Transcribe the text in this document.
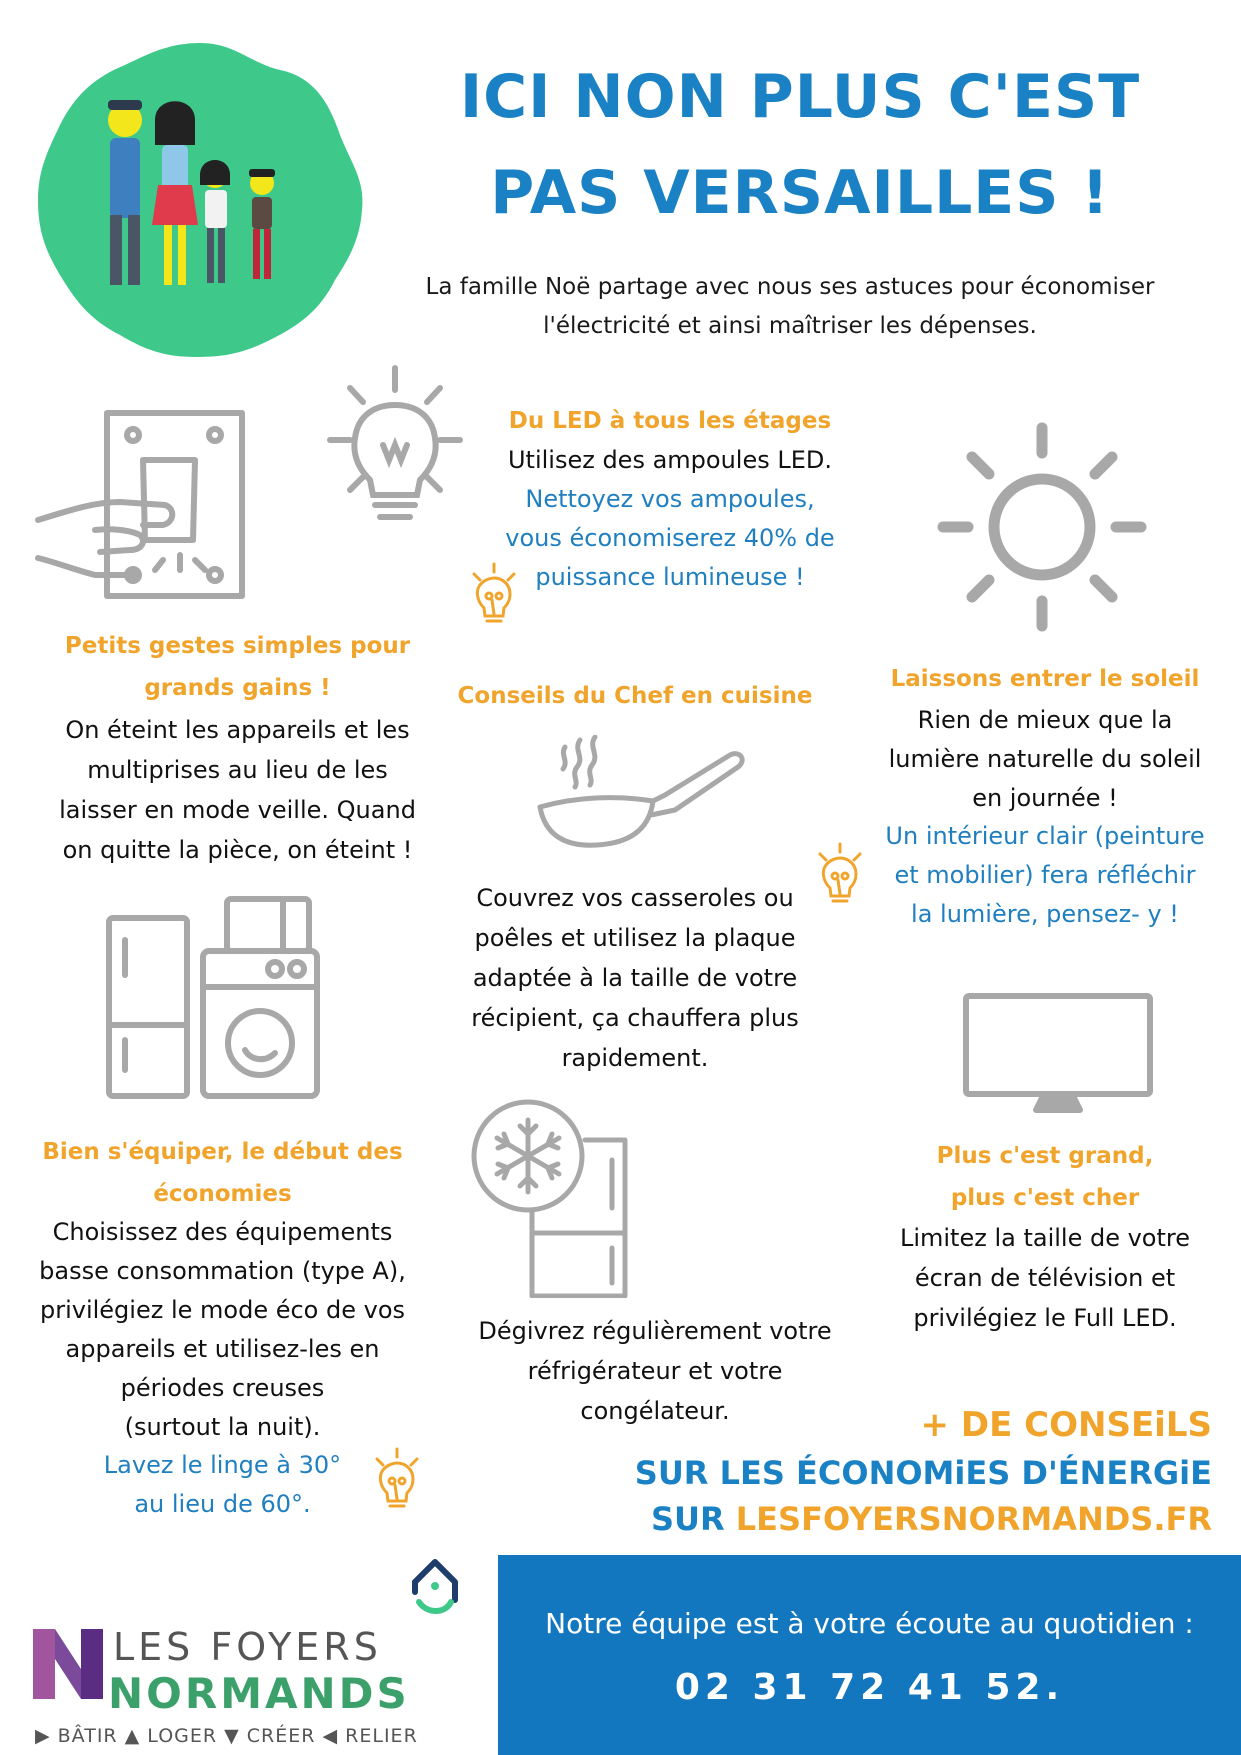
ICI NON PLUS C'EST
PAS VERSAILLES !
La famille Noë partage avec nous ses astuces pour économiser
l'électricité et ainsi maîtriser les dépenses.
Du LED à tous les étages
Utilisez des ampoules LED.
Nettoyez vos ampoules,
vous économiserez 40% de
puissance lumineuse !
Petits gestes simples pour
grands gains !
On éteint les appareils et les
multiprises au lieu de les
laisser en mode veille. Quand
on quitte la pièce, on éteint !
Laissons entrer le soleil
Rien de mieux que la
lumière naturelle du soleil
en journée !
Un intérieur clair (peinture
et mobilier) fera réfléchir
la lumière, pensez- y !
Conseils du Chef en cuisine
Couvrez vos casseroles ou
poêles et utilisez la plaque
adaptée à la taille de votre
récipient, ça chauffera plus
rapidement.
Bien s'équiper, le début des
économies
Choisissez des équipements
basse consommation (type A),
privilégiez le mode éco de vos
appareils et utilisez-les en
périodes creuses
(surtout la nuit).
Lavez le linge à 30°
au lieu de 60°.
Dégivrez régulièrement votre
réfrigérateur et votre
congélateur.
Plus c'est grand,
plus c'est cher
Limitez la taille de votre
écran de télévision et
privilégiez le Full LED.
+ DE CONSEiLS
SUR LES ÉCONOMiES D'ÉNERGiE
SUR LESFOYERSNORMANDS.FR
LES FOYERS
NORMANDS
▶ BÂTIR ▲ LOGER ▼ CRÉER ◀ RELIER
Notre équipe est à votre écoute au quotidien :
02 31 72 41 52.
